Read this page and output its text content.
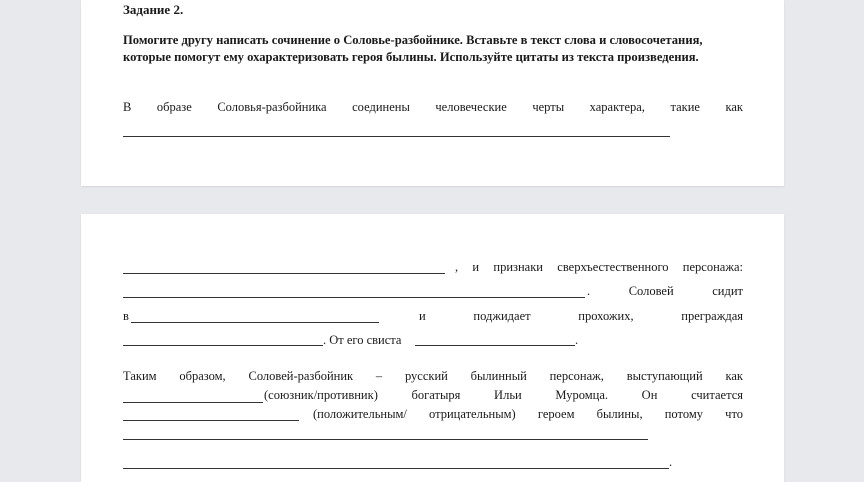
Задание 2.
Помогите другу написать сочинение о Соловье-разбойнике. Вставьте в текст слова и словосочетания, которые помогут ему охарактеризовать героя былины. Используйте цитаты из текста произведения.

В образе Соловья-разбойника соединены человеческие черты характера, такие как

, и признаки сверхъестественного персонажа:

. Соловей сидит

в	и поджидает прохожих, преграждая

. От его свиста	.

Таким образом, Соловей-разбойник – русский былинный персонаж, выступающий как

(союзник/противник) богатыря Ильи Муромца. Он считается

(положительным/ отрицательным) героем былины, потому что

.
